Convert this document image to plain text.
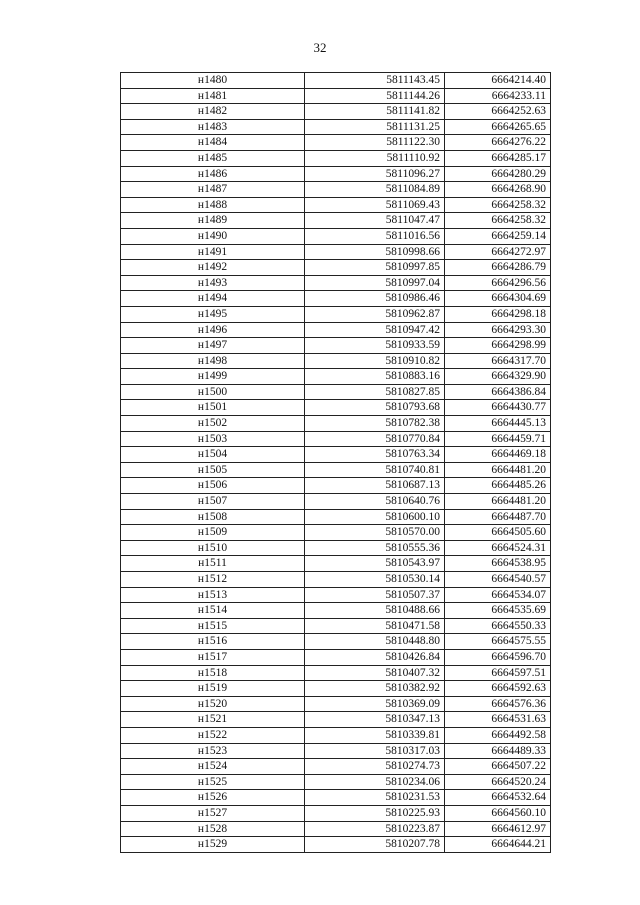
32
н1480	5811143.45	6664214.40
н1481	5811144.26	6664233.11
н1482	5811141.82	6664252.63
н1483	5811131.25	6664265.65
н1484	5811122.30	6664276.22
н1485	5811110.92	6664285.17
н1486	5811096.27	6664280.29
н1487	5811084.89	6664268.90
н1488	5811069.43	6664258.32
н1489	5811047.47	6664258.32
н1490	5811016.56	6664259.14
н1491	5810998.66	6664272.97
н1492	5810997.85	6664286.79
н1493	5810997.04	6664296.56
н1494	5810986.46	6664304.69
н1495	5810962.87	6664298.18
н1496	5810947.42	6664293.30
н1497	5810933.59	6664298.99
н1498	5810910.82	6664317.70
н1499	5810883.16	6664329.90
н1500	5810827.85	6664386.84
н1501	5810793.68	6664430.77
н1502	5810782.38	6664445.13
н1503	5810770.84	6664459.71
н1504	5810763.34	6664469.18
н1505	5810740.81	6664481.20
н1506	5810687.13	6664485.26
н1507	5810640.76	6664481.20
н1508	5810600.10	6664487.70
н1509	5810570.00	6664505.60
н1510	5810555.36	6664524.31
н1511	5810543.97	6664538.95
н1512	5810530.14	6664540.57
н1513	5810507.37	6664534.07
н1514	5810488.66	6664535.69
н1515	5810471.58	6664550.33
н1516	5810448.80	6664575.55
н1517	5810426.84	6664596.70
н1518	5810407.32	6664597.51
н1519	5810382.92	6664592.63
н1520	5810369.09	6664576.36
н1521	5810347.13	6664531.63
н1522	5810339.81	6664492.58
н1523	5810317.03	6664489.33
н1524	5810274.73	6664507.22
н1525	5810234.06	6664520.24
н1526	5810231.53	6664532.64
н1527	5810225.93	6664560.10
н1528	5810223.87	6664612.97
н1529	5810207.78	6664644.21
